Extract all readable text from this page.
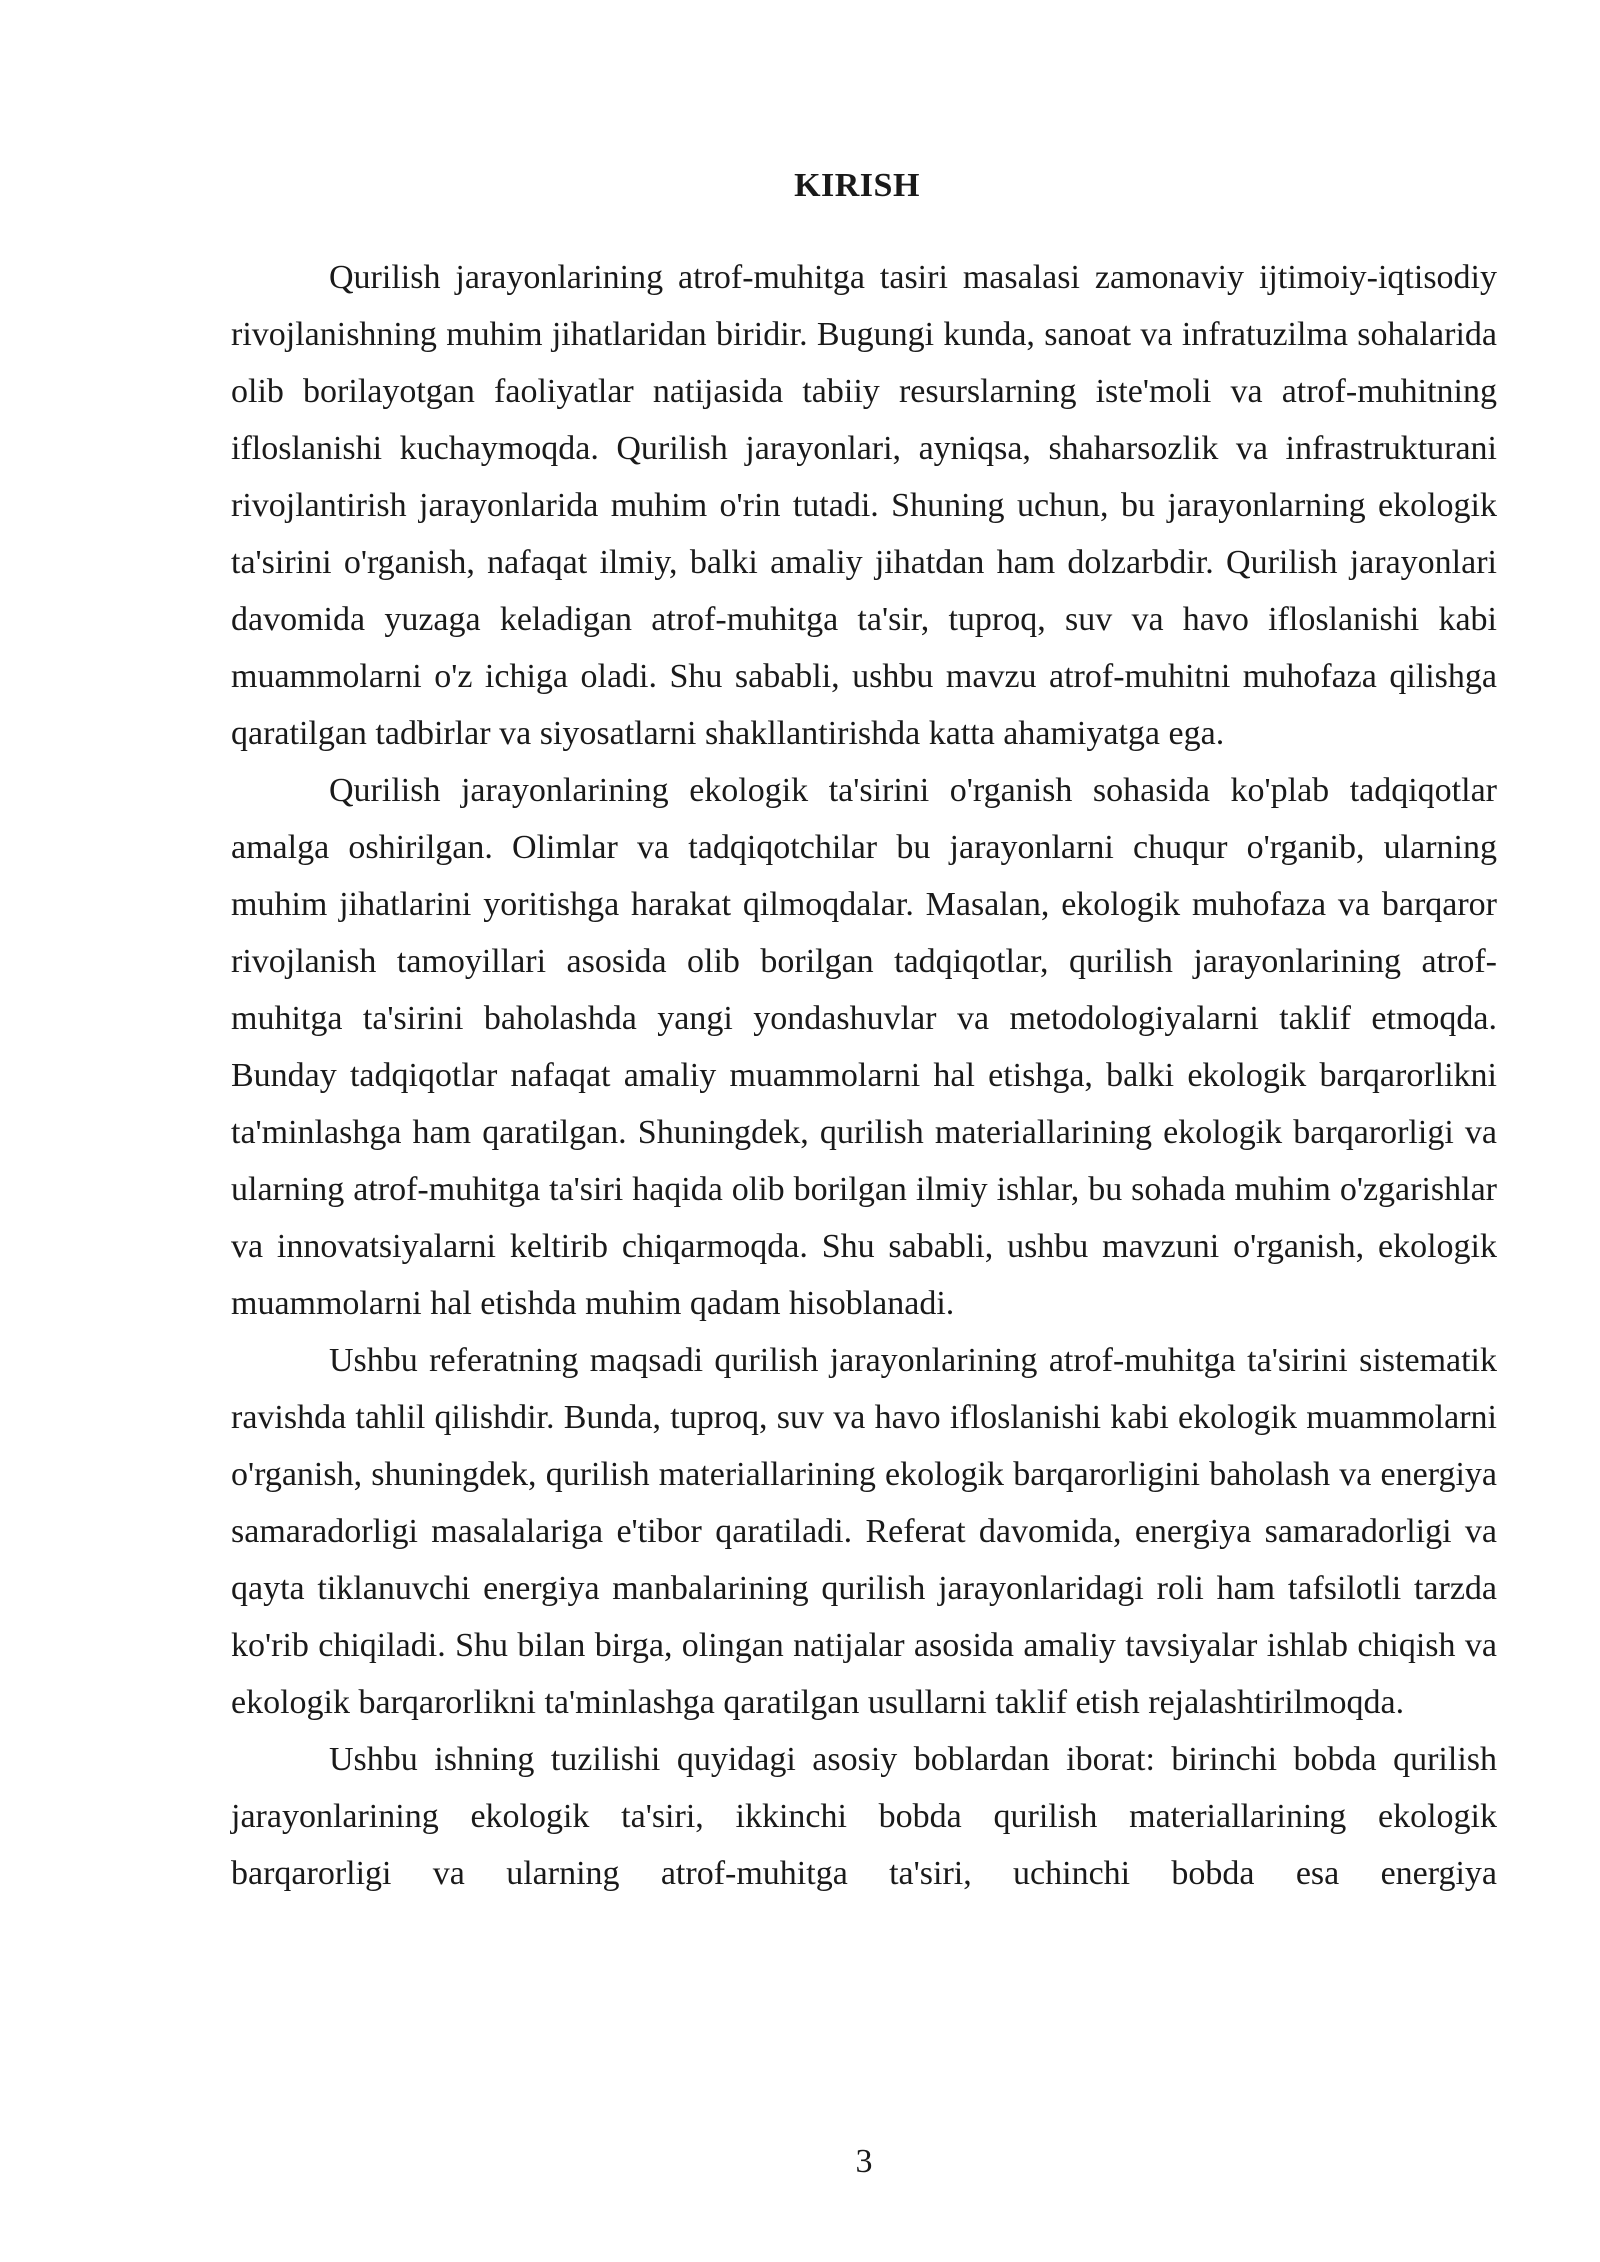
KIRISH

Qurilish jarayonlarining atrof-muhitga tasiri masalasi zamonaviy ijtimoiy-iqtisodiy rivojlanishning muhim jihatlaridan biridir. Bugungi kunda, sanoat va infratuzilma sohalarida olib borilayotgan faoliyatlar natijasida tabiiy resurslarning iste'moli va atrof-muhitning ifloslanishi kuchaymoqda. Qurilish jarayonlari, ayniqsa, shaharsozlik va infrastrukturani rivojlantirish jarayonlarida muhim o'rin tutadi. Shuning uchun, bu jarayonlarning ekologik ta'sirini o'rganish, nafaqat ilmiy, balki amaliy jihatdan ham dolzarbdir. Qurilish jarayonlari davomida yuzaga keladigan atrof-muhitga ta'sir, tuproq, suv va havo ifloslanishi kabi muammolarni o'z ichiga oladi. Shu sababli, ushbu mavzu atrof-muhitni muhofaza qilishga qaratilgan tadbirlar va siyosatlarni shakllantirishda katta ahamiyatga ega.

Qurilish jarayonlarining ekologik ta'sirini o'rganish sohasida ko'plab tadqiqotlar amalga oshirilgan. Olimlar va tadqiqotchilar bu jarayonlarni chuqur o'rganib, ularning muhim jihatlarini yoritishga harakat qilmoqdalar. Masalan, ekologik muhofaza va barqaror rivojlanish tamoyillari asosida olib borilgan tadqiqotlar, qurilish jarayonlarining atrof-muhitga ta'sirini baholashda yangi yondashuvlar va metodologiyalarni taklif etmoqda. Bunday tadqiqotlar nafaqat amaliy muammolarni hal etishga, balki ekologik barqarorlikni ta'minlashga ham qaratilgan. Shuningdek, qurilish materiallarining ekologik barqarorligi va ularning atrof-muhitga ta'siri haqida olib borilgan ilmiy ishlar, bu sohada muhim o'zgarishlar va innovatsiyalarni keltirib chiqarmoqda. Shu sababli, ushbu mavzuni o'rganish, ekologik muammolarni hal etishda muhim qadam hisoblanadi.

Ushbu referatning maqsadi qurilish jarayonlarining atrof-muhitga ta'sirini sistematik ravishda tahlil qilishdir. Bunda, tuproq, suv va havo ifloslanishi kabi ekologik muammolarni o'rganish, shuningdek, qurilish materiallarining ekologik barqarorligini baholash va energiya samaradorligi masalalariga e'tibor qaratiladi. Referat davomida, energiya samaradorligi va qayta tiklanuvchi energiya manbalarining qurilish jarayonlaridagi roli ham tafsilotli tarzda ko'rib chiqiladi. Shu bilan birga, olingan natijalar asosida amaliy tavsiyalar ishlab chiqish va ekologik barqarorlikni ta'minlashga qaratilgan usullarni taklif etish rejalashtirilmoqda.

Ushbu ishning tuzilishi quyidagi asosiy boblardan iborat: birinchi bobda qurilish jarayonlarining ekologik ta'siri, ikkinchi bobda qurilish materiallarining ekologik barqarorligi va ularning atrof-muhitga ta'siri, uchinchi bobda esa energiya

3
